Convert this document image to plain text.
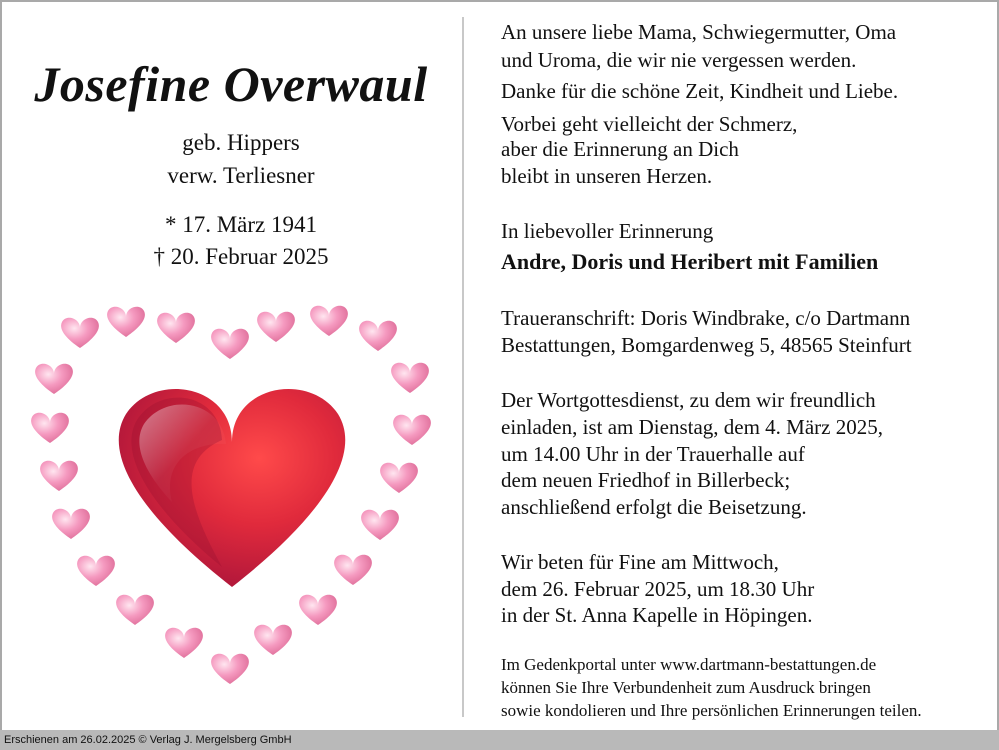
Josefine Overwaul
geb. Hippers
verw. Terliesner
* 17. März 1941
† 20. Februar 2025
An unsere liebe Mama, Schwiegermutter, Oma
und Uroma, die wir nie vergessen werden.
Danke für die schöne Zeit, Kindheit und Liebe.
Vorbei geht vielleicht der Schmerz,
aber die Erinnerung an Dich
bleibt in unseren Herzen.
In liebevoller Erinnerung
Andre, Doris und Heribert mit Familien
Traueranschrift: Doris Windbrake, c/o Dartmann
Bestattungen, Bomgardenweg 5, 48565 Steinfurt
Der Wortgottesdienst, zu dem wir freundlich
einladen, ist am Dienstag, dem 4. März 2025,
um 14.00 Uhr in der Trauerhalle auf
dem neuen Friedhof in Billerbeck;
anschließend erfolgt die Beisetzung.
Wir beten für Fine am Mittwoch,
dem 26. Februar 2025, um 18.30 Uhr
in der St. Anna Kapelle in Höpingen.
Im Gedenkportal unter www.dartmann-bestattungen.de
können Sie Ihre Verbundenheit zum Ausdruck bringen
sowie kondolieren und Ihre persönlichen Erinnerungen teilen.
Erschienen am 26.02.2025 © Verlag J. Mergelsberg GmbH
